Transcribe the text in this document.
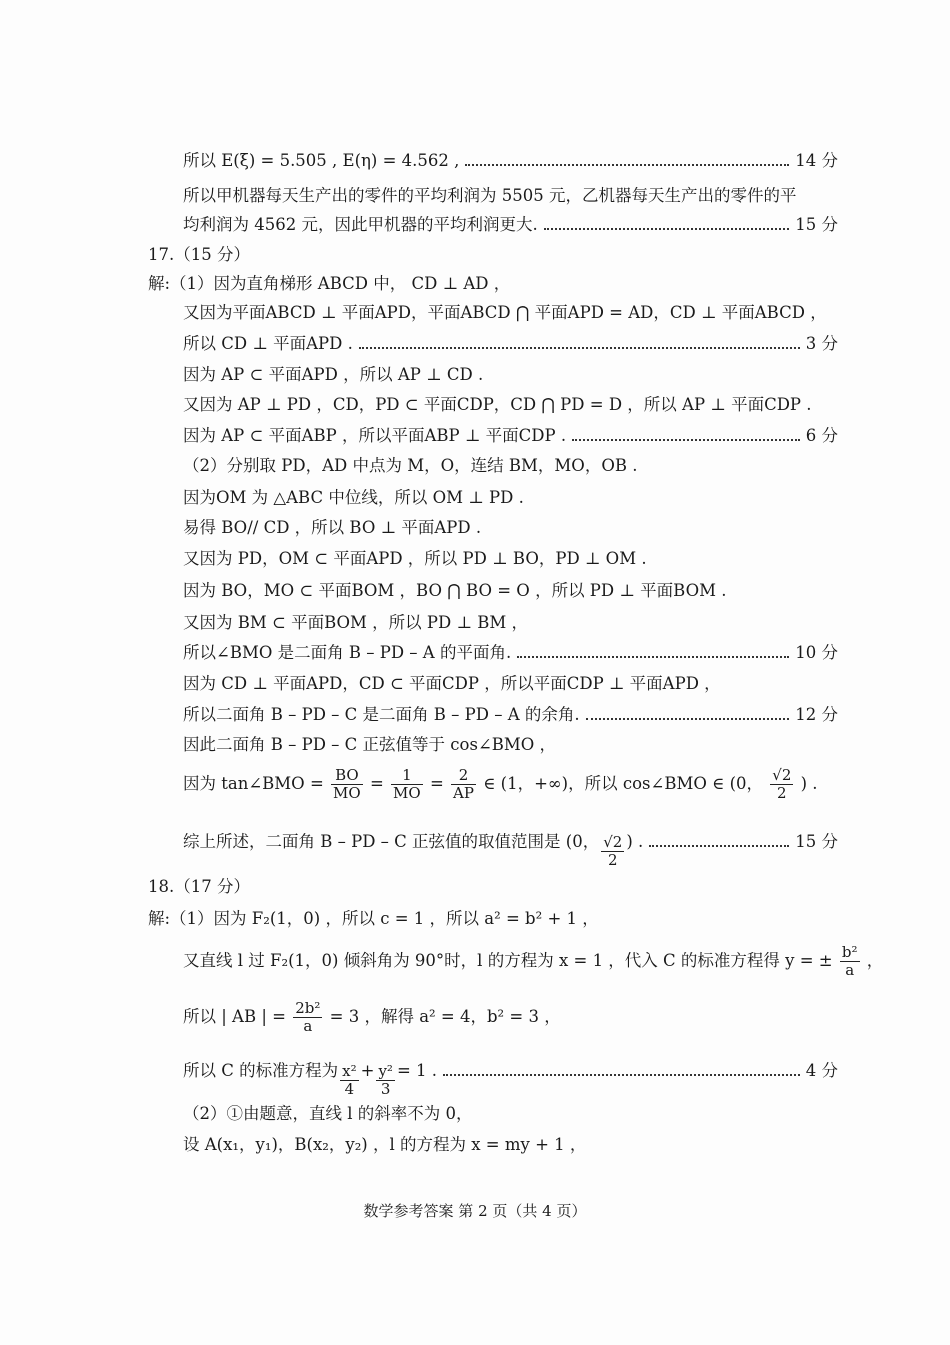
所以 E(ξ) = 5.505 , E(η) = 4.562 ,	14 分
所以甲机器每天生产出的零件的平均利润为 5505 元，乙机器每天生产出的零件的平
均利润为 4562 元，因此甲机器的平均利润更大.	15 分
17.（15 分）
解:（1）因为直角梯形 ABCD 中， CD ⊥ AD ，
又因为平面ABCD ⊥ 平面APD，平面ABCD ⋂ 平面APD = AD，CD ⊥ 平面ABCD ，
所以 CD ⊥ 平面APD .	3 分
因为 AP ⊂ 平面APD ，所以 AP ⊥ CD .
又因为 AP ⊥ PD ，CD，PD ⊂ 平面CDP，CD ⋂ PD = D ，所以 AP ⊥ 平面CDP .
因为 AP ⊂ 平面ABP ，所以平面ABP ⊥ 平面CDP .	6 分
（2）分别取 PD，AD 中点为 M，O，连结 BM，MO，OB .
因为OM 为 △ABC 中位线，所以 OM ⊥ PD .
易得 BO// CD ，所以 BO ⊥ 平面APD .
又因为 PD，OM ⊂ 平面APD ，所以 PD ⊥ BO，PD ⊥ OM .
因为 BO，MO ⊂ 平面BOM ，BO ⋂ BO = O ，所以 PD ⊥ 平面BOM .
又因为 BM ⊂ 平面BOM ，所以 PD ⊥ BM ，
所以∠BMO 是二面角 B – PD – A 的平面角.	10 分
因为 CD ⊥ 平面APD，CD ⊂ 平面CDP ，所以平面CDP ⊥ 平面APD ，
所以二面角 B – PD – C 是二面角 B – PD – A 的余角.	12 分
因此二面角 B – PD – C 正弦值等于 cos∠BMO ，
因为 tan∠BMO = $\frac{BO}{MO} = \frac{1}{MO} = \frac{2}{AP}$ ∈ (1，+∞)，所以 cos∠BMO ∈ (0， $\frac{√2}{2}$ ) .
综上所述，二面角 B – PD – C 正弦值的取值范围是 (0， $\frac{√2}{2}$ ) .	15 分
18.（17 分）
解:（1）因为 F₂(1，0) ，所以 c = 1 ，所以 a² = b² + 1 ，
又直线 l 过 F₂(1，0) 倾斜角为 90°时，l 的方程为 x = 1 ，代入 C 的标准方程得 y = ± $\frac{\text{b²}}{a}$ ，
所以 | AB | = $\frac{\text{2b²}}{a} = 3$ ，解得 a² = 4，b² = 3 ，
所以 C 的标准方程为 $\frac{\text{x²}}{4} + \frac{\text{y²}}{3} = 1$ .	4 分
（2）①由题意，直线 l 的斜率不为 0，
设 A(x₁，y₁)，B(x₂，y₂) ，l 的方程为 x = my + 1 ，
数学参考答案 第 2 页（共 4 页）
